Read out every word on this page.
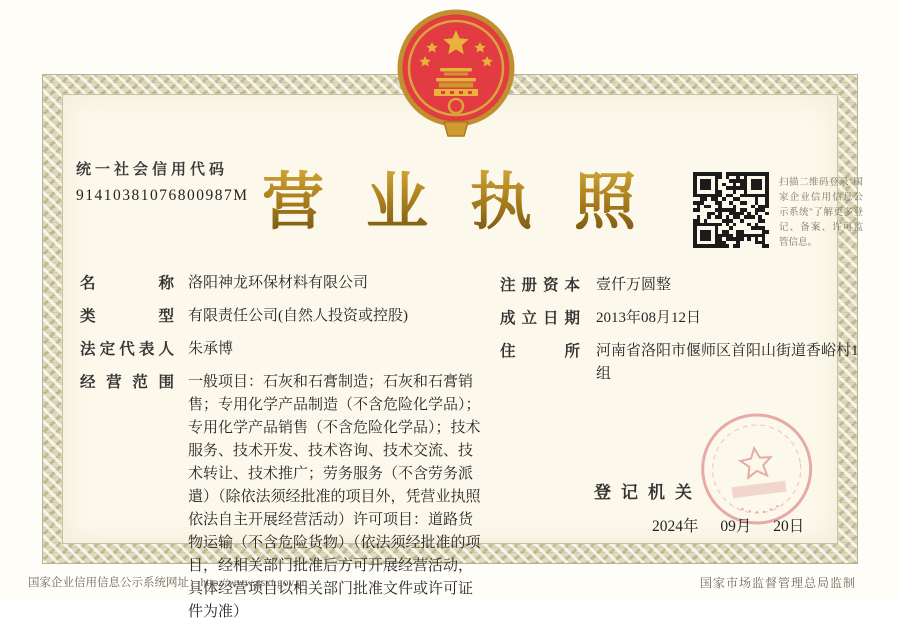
统一社会信用代码
91410381076800987M 营业执照	扫描二维码登录"国家企业信用信息公示系统"了解更多登记、备案、许可监管信息。
名称 洛阳神龙环保材料有限公司
类型 有限责任公司(自然人投资或控股)
法定代表人 朱承博
经营范围 一般项目：石灰和石膏制造；石灰和石膏销售；专用化学产品制造（不含危险化学品）；专用化学产品销售（不含危险化学品）；技术服务、技术开发、技术咨询、技术交流、技术转让、技术推广；劳务服务（不含劳务派遣）（除依法须经批准的项目外，凭营业执照依法自主开展经营活动）许可项目：道路货物运输（不含危险货物）（依法须经批准的项目，经相关部门批准后方可开展经营活动，具体经营项目以相关部门批准文件或许可证件为准）
注册资本 壹仟万圆整
成立日期 2013年08月12日
住所 河南省洛阳市偃师区首阳山街道香峪村1组
登记机关
2024年 09月 20日
国家企业信用信息公示系统网址：http://www.gsxt.gov.cn	国家市场监督管理总局监制
